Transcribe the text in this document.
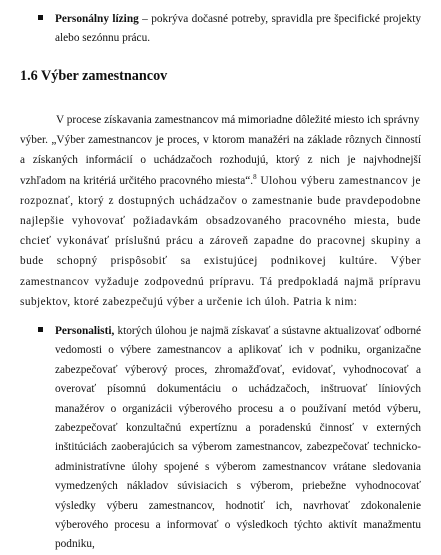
Personálny lízing – pokrýva dočasné potreby, spravidla pre špecifické projekty alebo sezónnu prácu.
1.6 Výber zamestnancov

V procese získavania zamestnancov má mimoriadne dôležité miesto ich správny
výber. „Výber zamestnancov je proces, v ktorom manažéri na základe rôznych činností a získaných informácií o uchádzačoch rozhodujú, ktorý z nich je najvhodnejší vzhľadom na kritériá určitého pracovného miesta“.$^8$ Ulohou výberu zamestnancov je rozpoznať, ktorý z dostupných uchádzačov o zamestnanie bude pravdepodobne najlepšie vyhovovať požiadavkám obsadzovaného pracovného miesta, bude chcieť vykonávať príslušnú prácu a zároveň zapadne do pracovnej skupiny a bude schopný prispôsobiť sa existujúcej podnikovej kultúre. Výber zamestnancov vyžaduje zodpovednú prípravu. Tá predpokladá najmä prípravu subjektov, ktoré zabezpečujú výber a určenie ich úloh. Patria k nim:

Personalisti, ktorých úlohou je najmä získavať a sústavne aktualizovať odborné vedomosti o výbere zamestnancov a aplikovať ich v podniku, organizačne zabezpečovať výberový proces, zhromažďovať, evidovať, vyhodnocovať a overovať písomnú dokumentáciu o uchádzačoch, inštruovať líniových manažérov o organizácii výberového procesu a o používaní metód výberu, zabezpečovať konzultačnú expertíznu a poradenskú činnosť v externých inštitúciách zaoberajúcich sa výberom zamestnancov, zabezpečovať technicko-administratívne úlohy spojené s výberom zamestnancov vrátane sledovania vymedzených nákladov súvisiacich s výberom, priebežne vyhodnocovať výsledky výberu zamestnancov, hodnotiť ich, navrhovať zdokonalenie výberového procesu a informovať o výsledkoch týchto aktivít manažmentu podniku,
